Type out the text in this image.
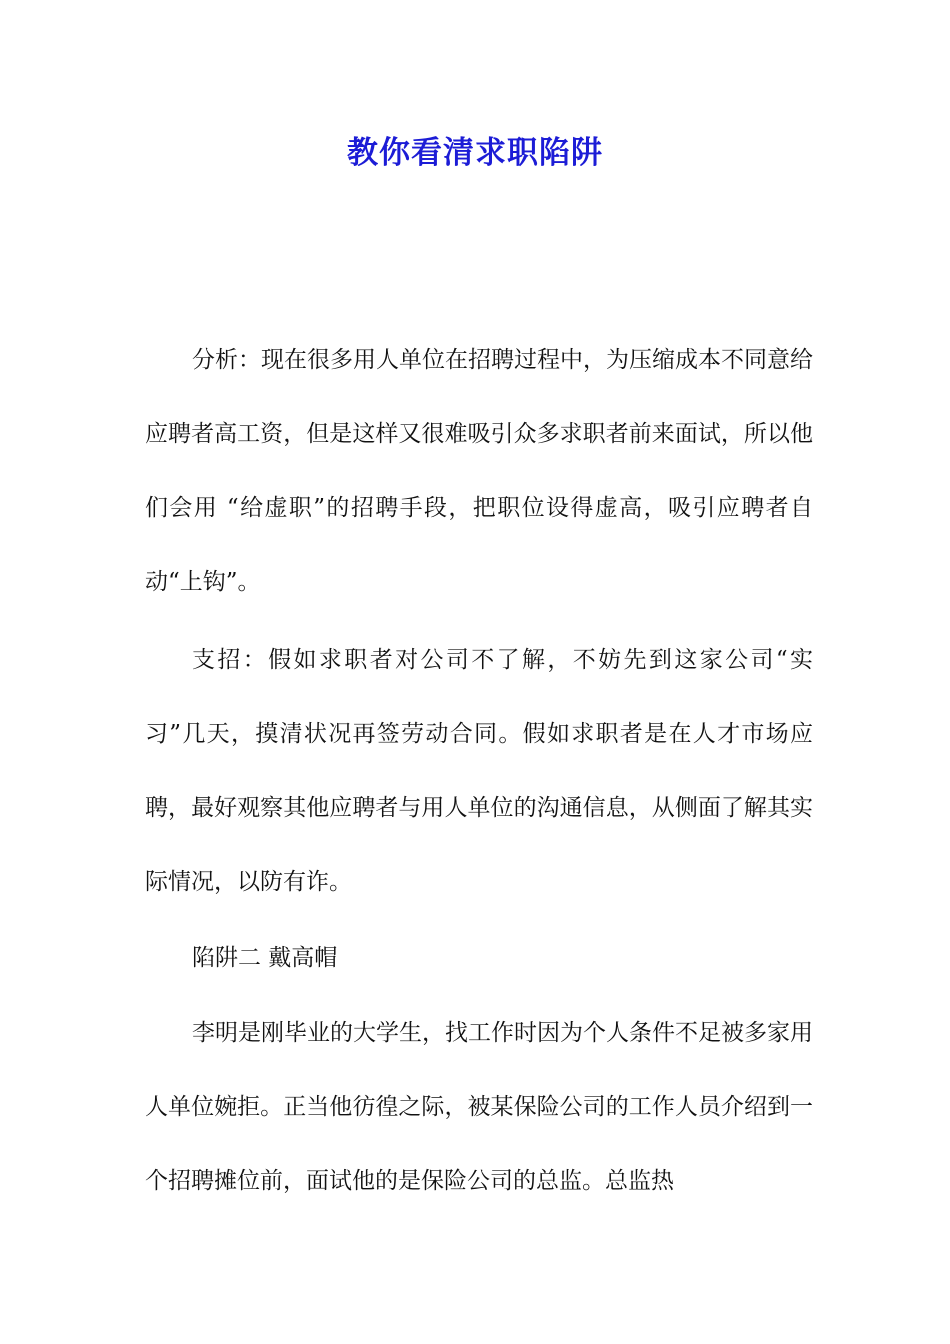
教你看清求职陷阱

分析：现在很多用人单位在招聘过程中，为压缩成本不同意给应聘者高工资，但是这样又很难吸引众多求职者前来面试，所以他们会用 “给虚职”的招聘手段，把职位设得虚高，吸引应聘者自动“上钩”。

支招：假如求职者对公司不了解，不妨先到这家公司“实习”几天，摸清状况再签劳动合同。假如求职者是在人才市场应聘，最好观察其他应聘者与用人单位的沟通信息，从侧面了解其实际情况，以防有诈。

陷阱二 戴高帽

李明是刚毕业的大学生，找工作时因为个人条件不足被多家用人单位婉拒。正当他彷徨之际，被某保险公司的工作人员介绍到一个招聘摊位前，面试他的是保险公司的总监。总监热
